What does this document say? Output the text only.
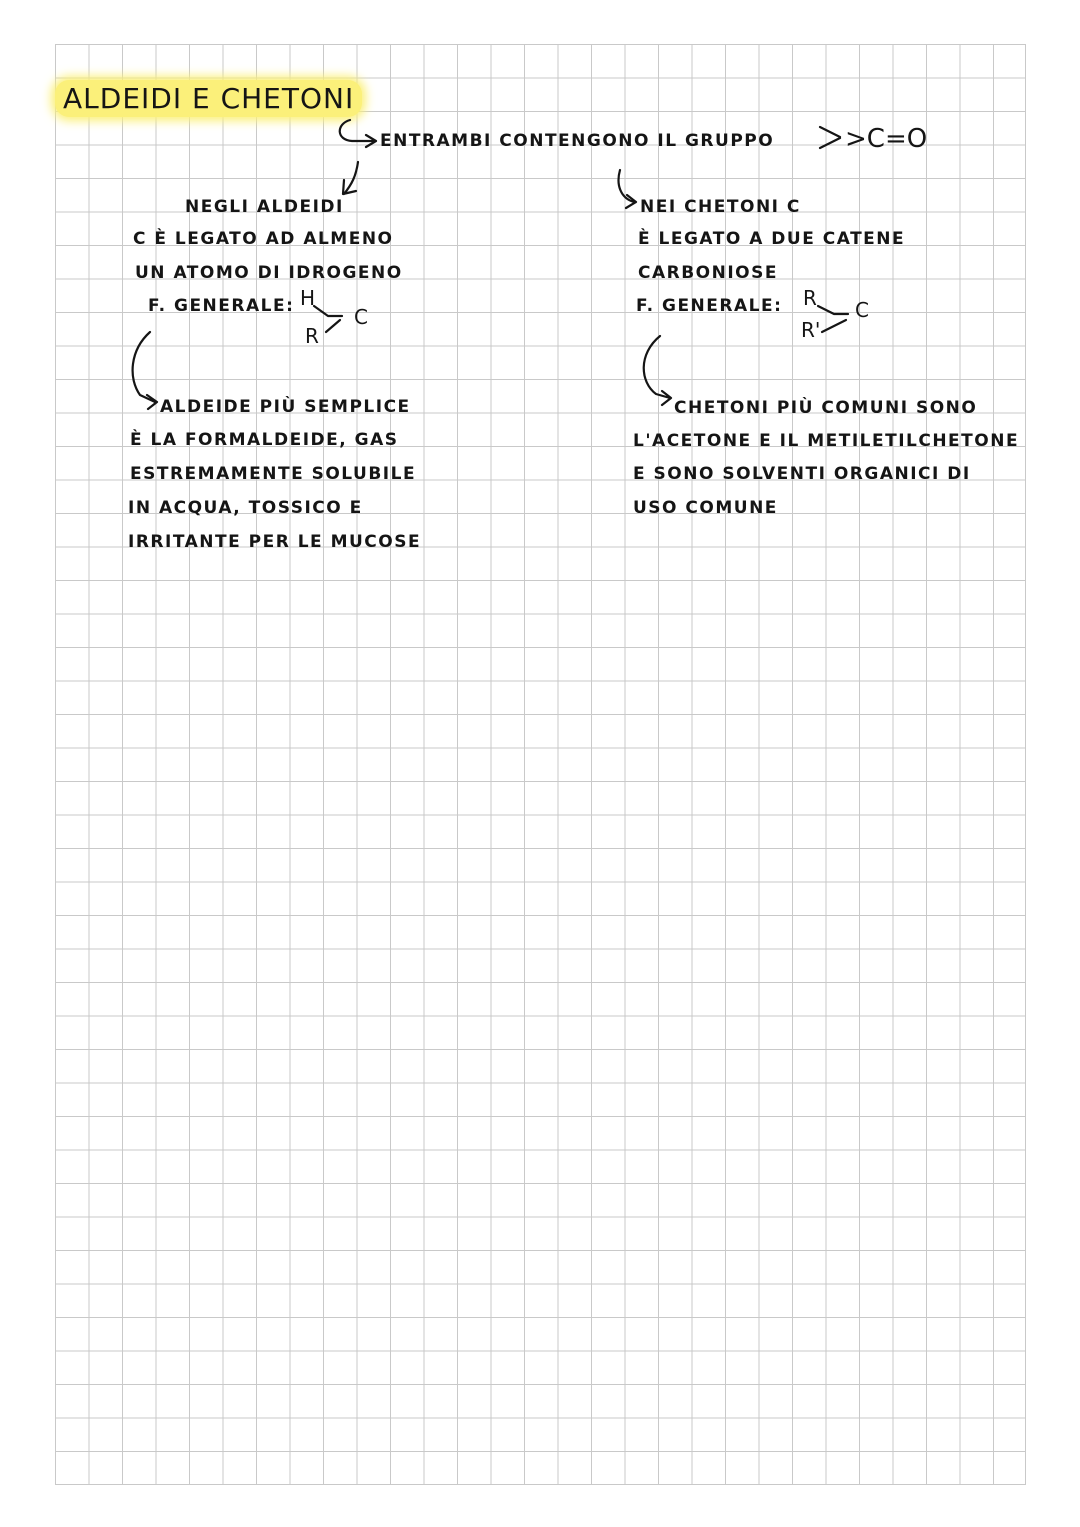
ALDEIDI E CHETONI
ENTRAMBI CONTENGONO IL GRUPPO	>C=O
NEGLI ALDEIDI
C È LEGATO AD ALMENO
UN ATOMO DI IDROGENO
F. GENERALE: H
R
C
ALDEIDE PIÙ SEMPLICE
È LA FORMALDEIDE, GAS
ESTREMAMENTE SOLUBILE
IN ACQUA, TOSSICO E
IRRITANTE PER LE MUCOSE
NEI CHETONI C
È LEGATO A DUE CATENE
CARBONIOSE
F. GENERALE: R
R'
C
CHETONI PIÙ COMUNI SONO
L'ACETONE E IL METILETILCHETONE
E SONO SOLVENTI ORGANICI DI
USO COMUNE
